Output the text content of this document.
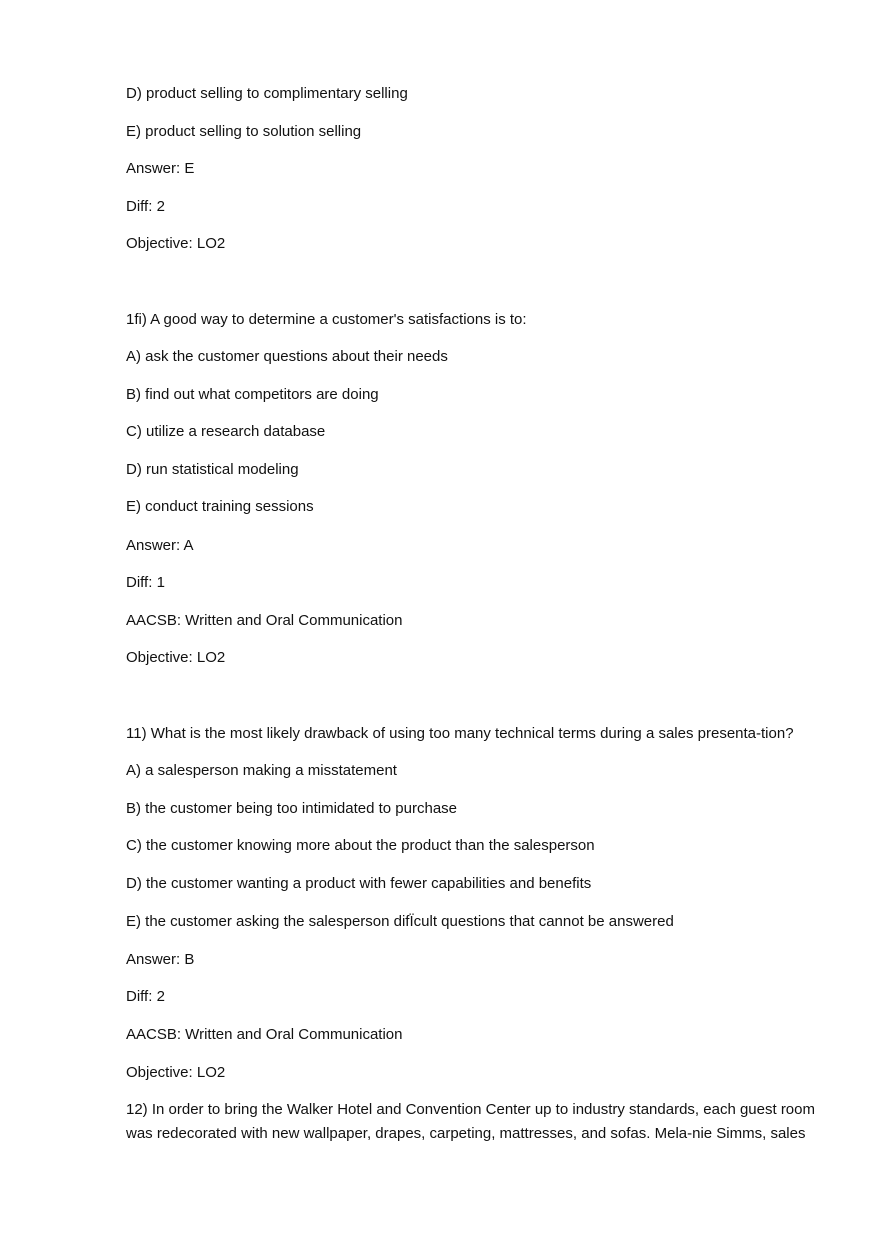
D) product selling to complimentary selling
E) product selling to solution selling
Answer: E
Diff: 2
Objective: LO2
1fi) A good way to determine a customer's satisfactions is to:
A) ask the customer questions about their needs
B) find out what competitors are doing
C) utilize a research database
D) run statistical modeling
E) conduct training sessions
Answer: A
Diff: 1
AACSB: Written and Oral Communication
Objective: LO2
11) What is the most likely drawback of using too many technical terms during a sales presenta-tion?
A) a salesperson making a misstatement
B) the customer being too intimidated to purchase
C) the customer knowing more about the product than the salesperson
D) the customer wanting a product with fewer capabilities and benefits
E) the customer asking the salesperson difÏcult questions that cannot be answered
Answer: B
Diff: 2
AACSB: Written and Oral Communication
Objective: LO2
12) In order to bring the Walker Hotel and Convention Center up to industry standards, each guest room was redecorated with new wallpaper, drapes, carpeting, mattresses, and sofas. Mela-nie Simms, sales
